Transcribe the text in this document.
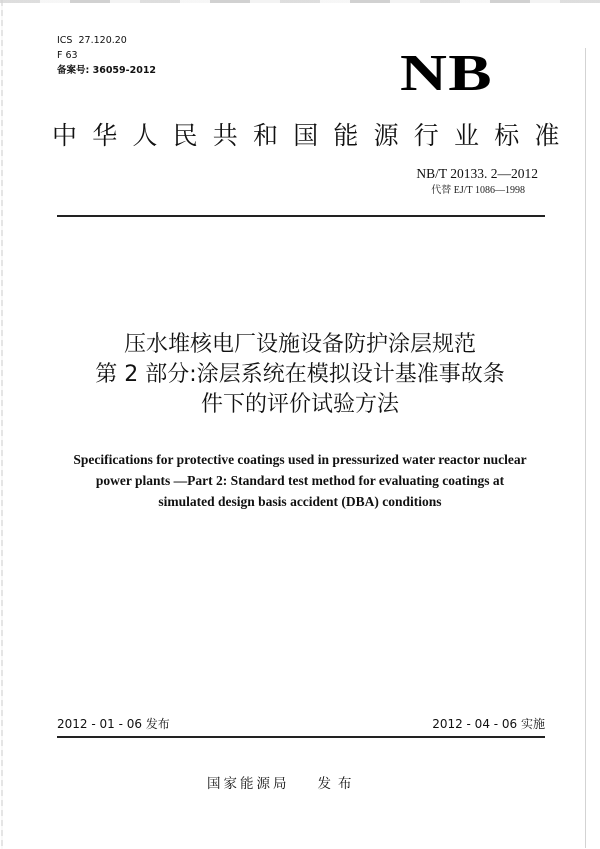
ICS  27.120.20
F 63
备案号: 36059-2012	NB
中华人民共和国能源行业标准
NB/T 20133. 2—2012
代替 EJ/T 1086—1998
压水堆核电厂设施设备防护涂层规范
第 2 部分:涂层系统在模拟设计基准事故条
件下的评价试验方法
Specifications for protective coatings used in pressurized water reactor nuclear
power plants —Part 2: Standard test method for evaluating coatings at
simulated design basis accident (DBA) conditions
2012 - 01 - 06 发布	2012 - 04 - 06 实施
国家能源局 发布
